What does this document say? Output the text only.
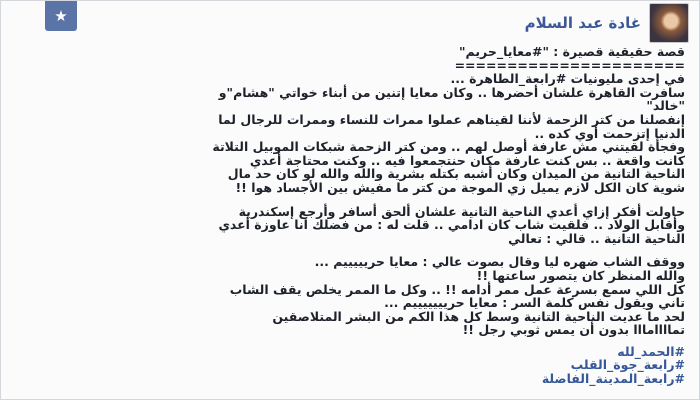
★	غادة عبد السلام
قصة حقيقية قصيرة : "#معايا_حريم"
======================
في إحدى مليونيات #رابعة_الطاهرة ...
سافرت القاهرة علشان أحضرها .. وكان معايا إتنين من أبناء خواتي "هشام"و
"خالد"
إنفصلنا من كتر الزحمة لأننا لقيناهم عملوا ممرات للنساء وممرات للرجال لما
الدنيا إتزحمت أوي كده ..
وفجأة لقيتني مش عارفة أوصل لهم .. ومن كتر الزحمة شبكات الموبيل التلاتة
كانت واقعة .. بس كنت عارفة مكان حنتجمعوا فيه .. وكنت محتاجة أعدي
الناحية التانية من الميدان وكان أشبه بكتله بشرية والله والله لو كان حد مال
شوية كان الكل لازم يميل زي الموجة من كتر ما مفيش بين الأجساد هوا !!
حاولت أفكر إزاي أعدي الناحية التانية علشان ألحق أسافر وأرجع إسكندرية
وأقابل الولاد .. فلقيت شاب كان ادامي .. قلت له : من فضلك انا عاوزة أعدي
الناحية التانية .. قالي : تعالي
ووقف الشاب ضهره ليا وقال بصوت عالي : معايا حريييييم ...
والله المنظر كان يتصور ساعتها !!
كل اللي سمع بسرعة عمل ممر أدامه !! .. وكل ما الممر يخلص يقف الشاب
تاني ويقول نفس كلمة السر : معايا حريييييييم ...
لحد ما عديت الناحية التانية وسط كل هذا الكم من البشر المتلاصقين
تماااامااا بدون أن يمس ثوبي رجل !!
#الحمد_لله
#رابعة_جوة_القلب
#رابعة_المدينة_الفاضلة
